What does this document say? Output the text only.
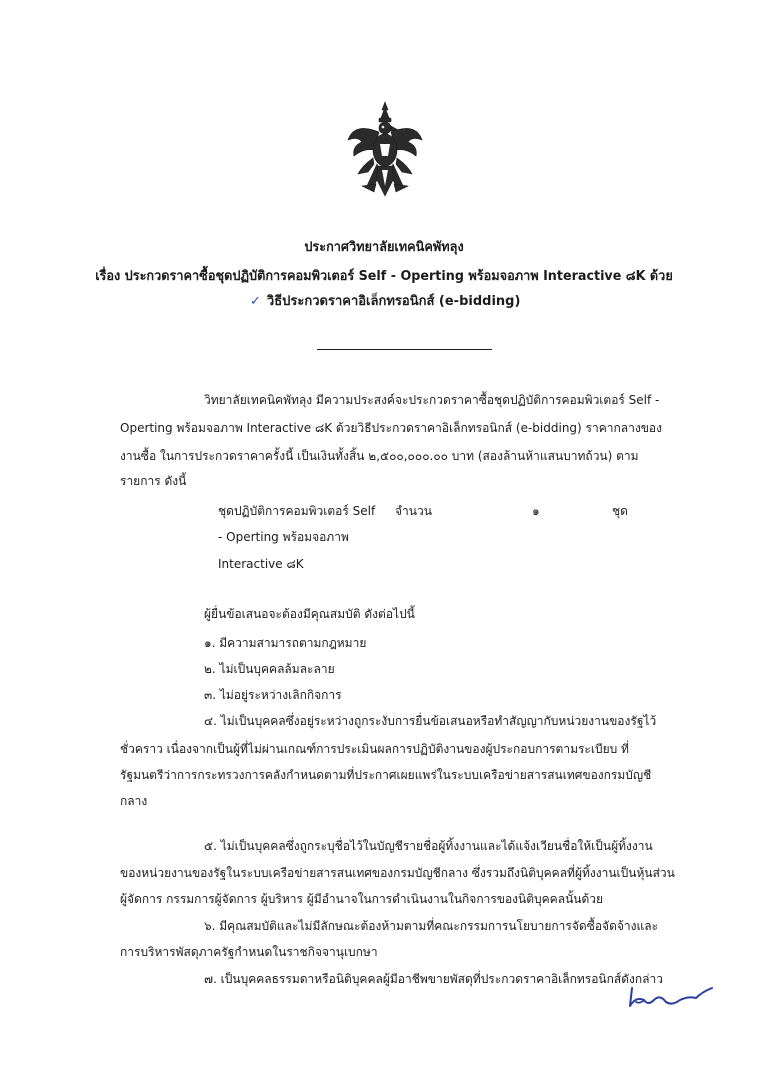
ประกาศวิทยาลัยเทคนิคพัทลุง
เรื่อง ประกวดราคาซื้อชุดปฏิบัติการคอมพิวเตอร์ Self - Operting พร้อมจอภาพ Interactive ๘K ด้วย
✓ วิธีประกวดราคาอิเล็กทรอนิกส์ (e-bidding)
วิทยาลัยเทคนิคพัทลุง มีความประสงค์จะประกวดราคาซื้อชุดปฏิบัติการคอมพิวเตอร์ Self -
Operting พร้อมจอภาพ Interactive ๘K ด้วยวิธีประกวดราคาอิเล็กทรอนิกส์ (e-bidding) ราคากลางของ
งานซื้อ ในการประกวดราคาครั้งนี้ เป็นเงินทั้งสิ้น ๒,๕๐๐,๐๐๐.๐๐ บาท (สองล้านห้าแสนบาทถ้วน) ตาม
รายการ ดังนี้
ชุดปฏิบัติการคอมพิวเตอร์ Self
- Operting พร้อมจอภาพ
Interactive ๘K
จำนวน	๑	ชุด
ผู้ยื่นข้อเสนอจะต้องมีคุณสมบัติ ดังต่อไปนี้
๑. มีความสามารถตามกฎหมาย
๒. ไม่เป็นบุคคลล้มละลาย
๓. ไม่อยู่ระหว่างเลิกกิจการ
๔. ไม่เป็นบุคคลซึ่งอยู่ระหว่างถูกระงับการยื่นข้อเสนอหรือทำสัญญากับหน่วยงานของรัฐไว้
ชั่วคราว เนื่องจากเป็นผู้ที่ไม่ผ่านเกณฑ์การประเมินผลการปฏิบัติงานของผู้ประกอบการตามระเบียบ ที่
รัฐมนตรีว่าการกระทรวงการคลังกำหนดตามที่ประกาศเผยแพร่ในระบบเครือข่ายสารสนเทศของกรมบัญชี
กลาง
๕. ไม่เป็นบุคคลซึ่งถูกระบุชื่อไว้ในบัญชีรายชื่อผู้ทิ้งงานและได้แจ้งเวียนชื่อให้เป็นผู้ทิ้งงาน
ของหน่วยงานของรัฐในระบบเครือข่ายสารสนเทศของกรมบัญชีกลาง ซึ่งรวมถึงนิติบุคคลที่ผู้ทิ้งงานเป็นหุ้นส่วน
ผู้จัดการ กรรมการผู้จัดการ ผู้บริหาร ผู้มีอำนาจในการดำเนินงานในกิจการของนิติบุคคลนั้นด้วย
๖. มีคุณสมบัติและไม่มีลักษณะต้องห้ามตามที่คณะกรรมการนโยบายการจัดซื้อจัดจ้างและ
การบริหารพัสดุภาครัฐกำหนดในราชกิจจานุเบกษา
๗. เป็นบุคคลธรรมดาหรือนิติบุคคลผู้มีอาชีพขายพัสดุที่ประกวดราคาอิเล็กทรอนิกส์ดังกล่าว
